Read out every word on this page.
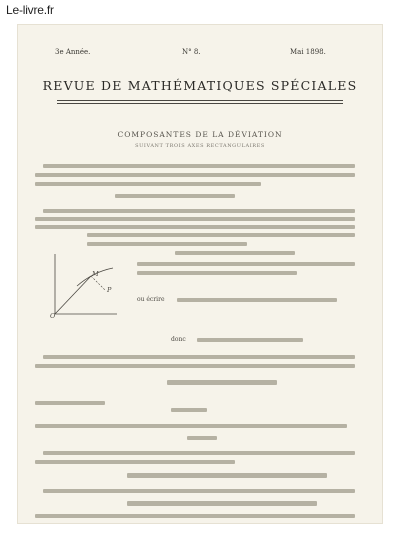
Le-livre.fr
3e Année.	N° 8.	Mai 1898.
REVUE DE MATHÉMATIQUES SPÉCIALES
COMPOSANTES DE LA DÉVIATION
SUIVANT TROIS AXES RECTANGULAIRES
O
M
P
ou écrire
donc
